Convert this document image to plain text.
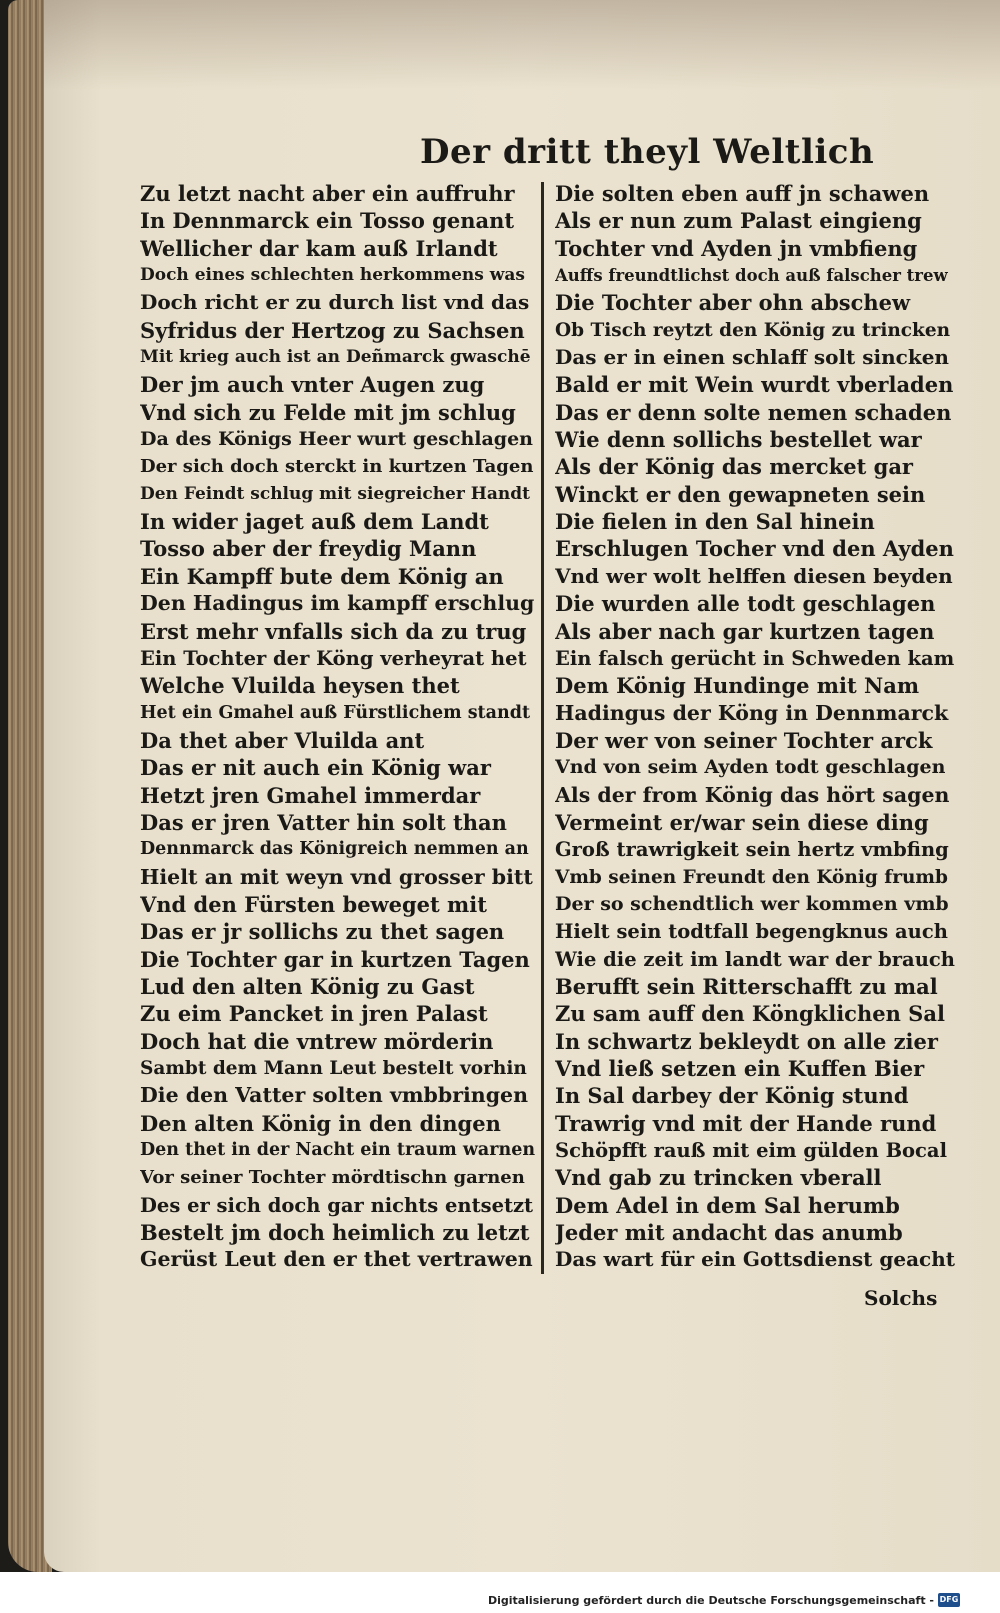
Der dritt theyl Weltlich
Zu letzt nacht aber ein auffruhr
In Dennmarck ein Tosso genant
Wellicher dar kam auß Irlandt
Doch eines schlechten herkommens was
Doch richt er zu durch list vnd das
Syfridus der Hertzog zu Sachsen
Mit krieg auch ist an Deñmarck gwaschē
Der jm auch vnter Augen zug
Vnd sich zu Felde mit jm schlug
Da des Königs Heer wurt geschlagen
Der sich doch sterckt in kurtzen Tagen
Den Feindt schlug mit siegreicher Handt
In wider jaget auß dem Landt
Tosso aber der freydig Mann
Ein Kampff bute dem König an
Den Hadingus im kampff erschlug
Erst mehr vnfalls sich da zu trug
Ein Tochter der Köng verheyrat het
Welche Vluilda heysen thet
Het ein Gmahel auß Fürstlichem standt
Da thet aber Vluilda ant
Das er nit auch ein König war
Hetzt jren Gmahel immerdar
Das er jren Vatter hin solt than
Dennmarck das Königreich nemmen an
Hielt an mit weyn vnd grosser bitt
Vnd den Fürsten beweget mit
Das er jr sollichs zu thet sagen
Die Tochter gar in kurtzen Tagen
Lud den alten König zu Gast
Zu eim Pancket in jren Palast
Doch hat die vntrew mörderin
Sambt dem Mann Leut bestelt vorhin
Die den Vatter solten vmbbringen
Den alten König in den dingen
Den thet in der Nacht ein traum warnen
Vor seiner Tochter mördtischn garnen
Des er sich doch gar nichts entsetzt
Bestelt jm doch heimlich zu letzt
Gerüst Leut den er thet vertrawen
Die solten eben auff jn schawen
Als er nun zum Palast eingieng
Tochter vnd Ayden jn vmbfieng
Auffs freundtlichst doch auß falscher trew
Die Tochter aber ohn abschew
Ob Tisch reytzt den König zu trincken
Das er in einen schlaff solt sincken
Bald er mit Wein wurdt vberladen
Das er denn solte nemen schaden
Wie denn sollichs bestellet war
Als der König das mercket gar
Winckt er den gewapneten sein
Die fielen in den Sal hinein
Erschlugen Tocher vnd den Ayden
Vnd wer wolt helffen diesen beyden
Die wurden alle todt geschlagen
Als aber nach gar kurtzen tagen
Ein falsch gerücht in Schweden kam
Dem König Hundinge mit Nam
Hadingus der Köng in Dennmarck
Der wer von seiner Tochter arck
Vnd von seim Ayden todt geschlagen
Als der from König das hört sagen
Vermeint er/war sein diese ding
Groß trawrigkeit sein hertz vmbfing
Vmb seinen Freundt den König frumb
Der so schendtlich wer kommen vmb
Hielt sein todtfall begengknus auch
Wie die zeit im landt war der brauch
Berufft sein Ritterschafft zu mal
Zu sam auff den Köngklichen Sal
In schwartz bekleydt on alle zier
Vnd ließ setzen ein Kuffen Bier
In Sal darbey der König stund
Trawrig vnd mit der Hande rund
Schöpfft rauß mit eim gülden Bocal
Vnd gab zu trincken vberall
Dem Adel in dem Sal herumb
Jeder mit andacht das anumb
Das wart für ein Gottsdienst geacht
Solchs
Digitalisierung gefördert durch die Deutsche Forschungsgemeinschaft - DFG
